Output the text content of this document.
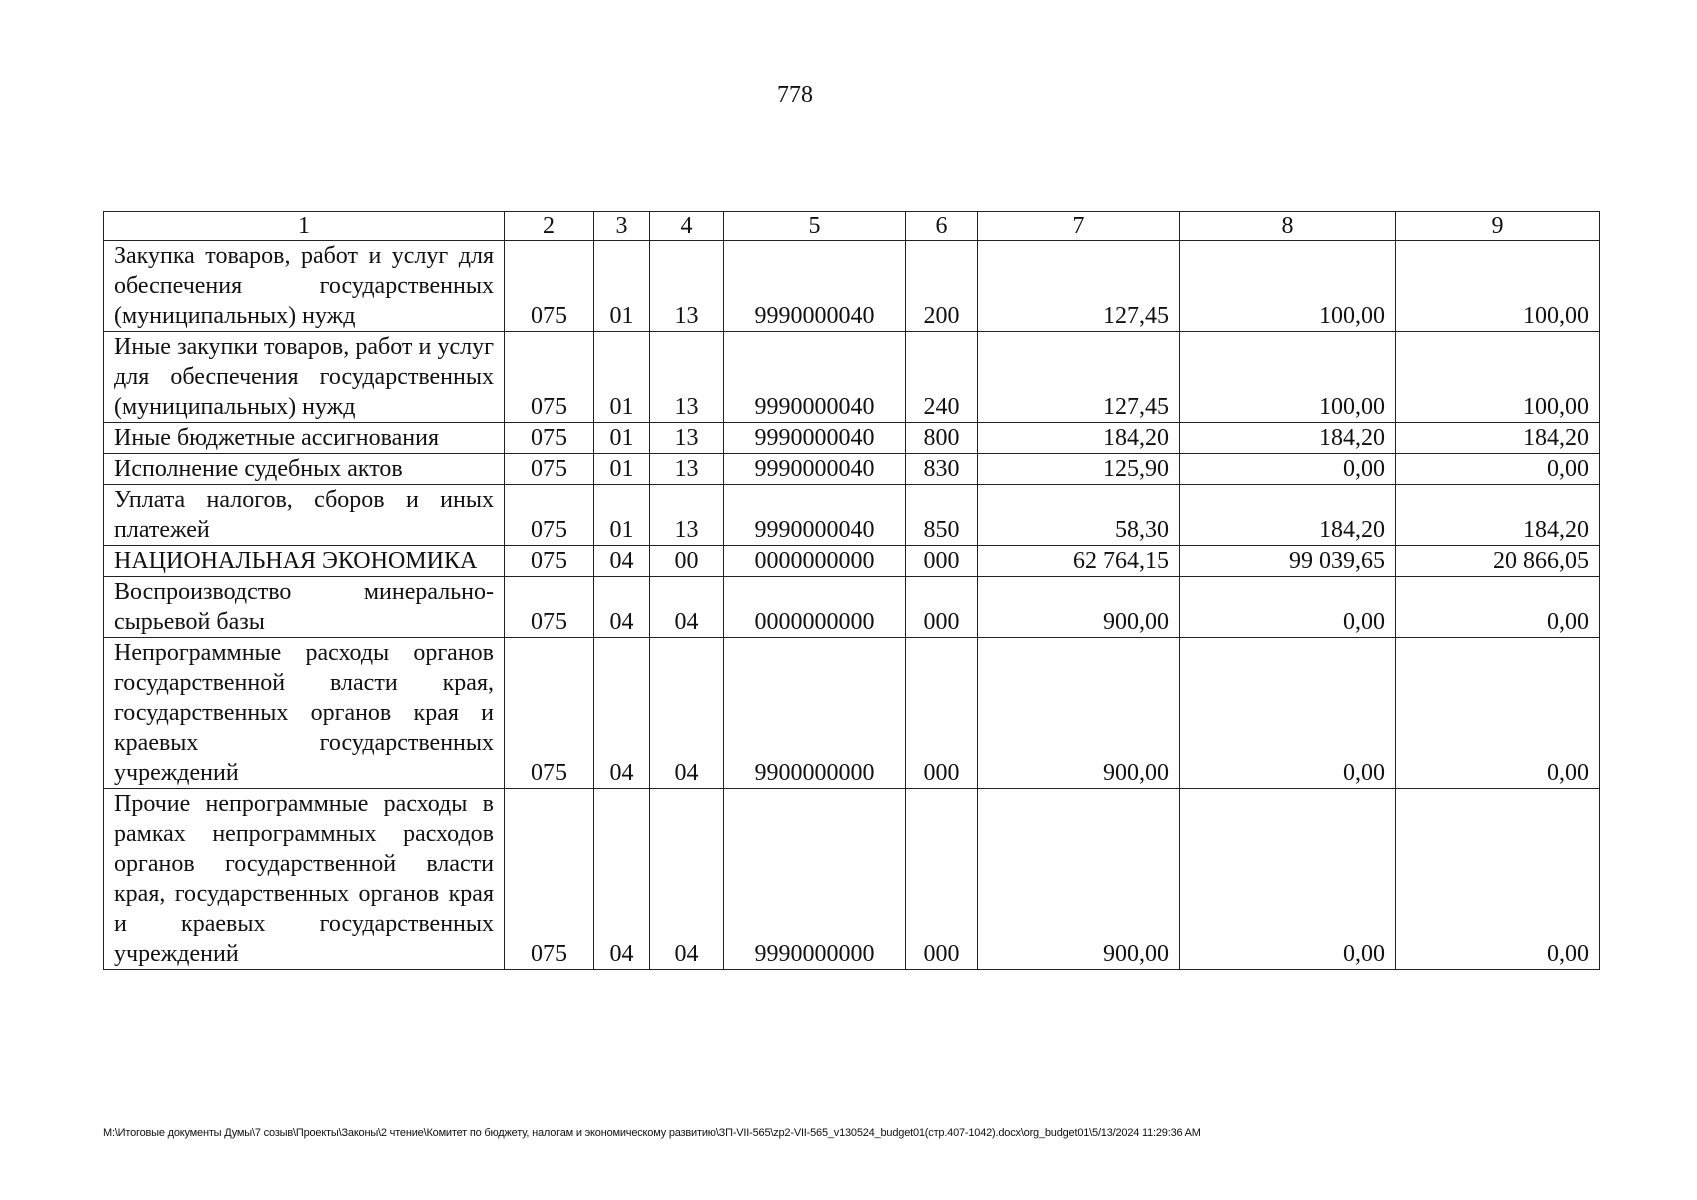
778
1	2	3	4	5	6	7	8	9
Закупка товаров, работ и услуг для обеспечения государственных (муниципальных) нужд	075	01	13	9990000040	200	127,45	100,00	100,00
Иные закупки товаров, работ и услуг для обеспечения государственных (муниципальных) нужд	075	01	13	9990000040	240	127,45	100,00	100,00
Иные бюджетные ассигнования	075	01	13	9990000040	800	184,20	184,20	184,20
Исполнение судебных актов	075	01	13	9990000040	830	125,90	0,00	0,00
Уплата налогов, сборов и иных платежей	075	01	13	9990000040	850	58,30	184,20	184,20
НАЦИОНАЛЬНАЯ ЭКОНОМИКА	075	04	00	0000000000	000	62 764,15	99 039,65	20 866,05
Воспроизводство минерально-сырьевой базы	075	04	04	0000000000	000	900,00	0,00	0,00
Непрограммные расходы органов государственной власти края, государственных органов края и краевых государственных учреждений	075	04	04	9900000000	000	900,00	0,00	0,00
Прочие непрограммные расходы в рамках непрограммных расходов органов государственной власти края, государственных органов края и краевых государственных учреждений	075	04	04	9990000000	000	900,00	0,00	0,00
М:\Итоговые документы Думы\7 созыв\Проекты\Законы\2 чтение\Комитет по бюджету, налогам и экономическому развитию\ЗП-VII-565\zp2-VII-565_v130524_budget01(стр.407-1042).docx\org_budget01\5/13/2024 11:29:36 AM
